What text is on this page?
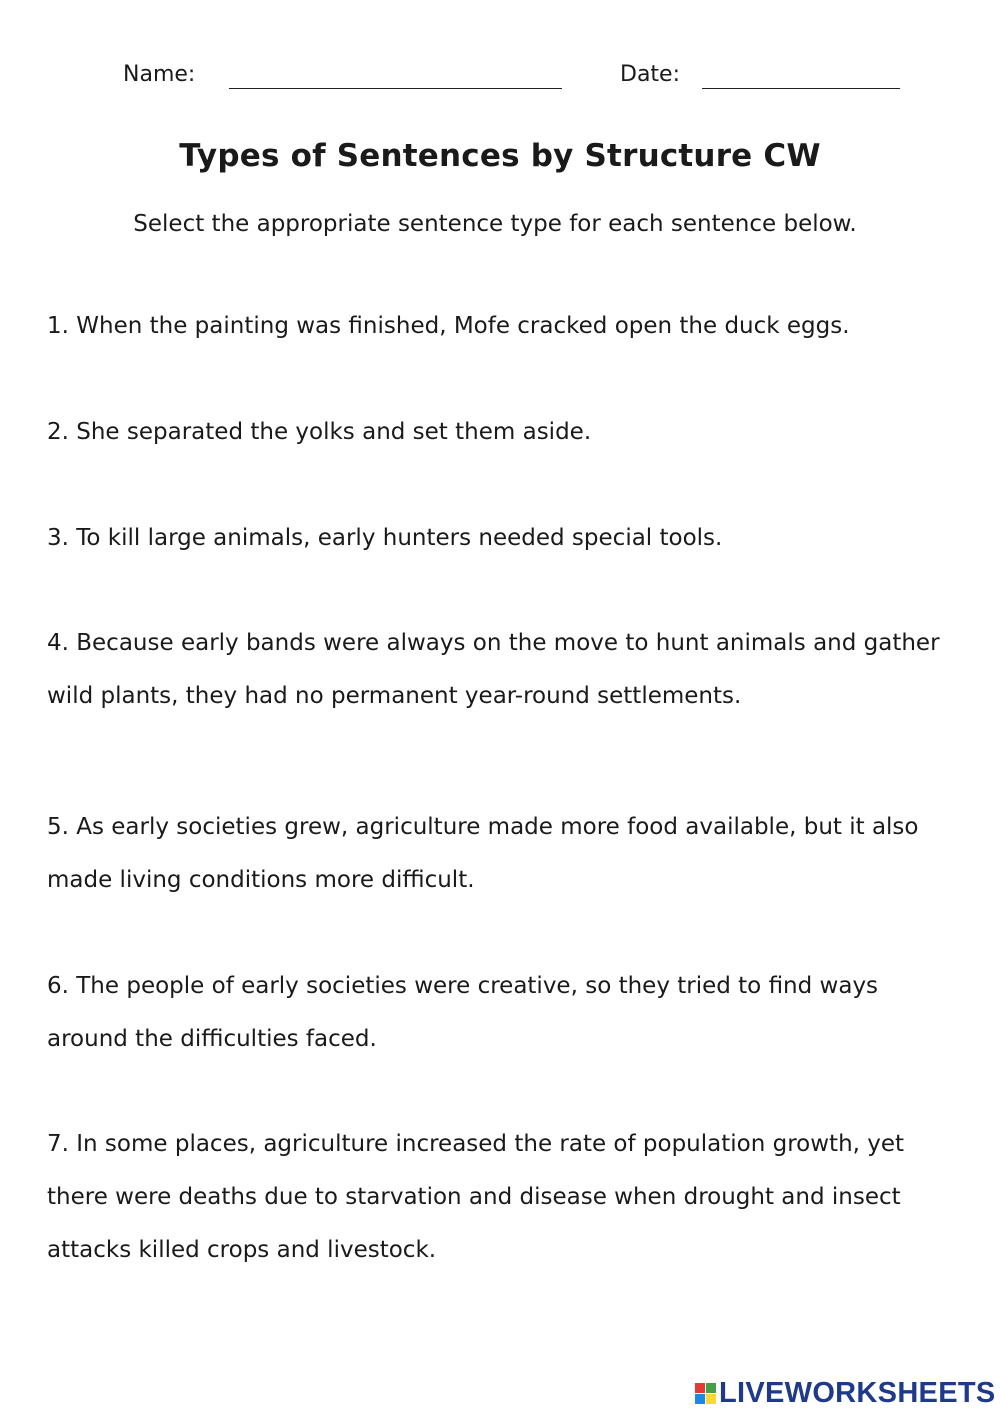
Name:	Date:
Types of Sentences by Structure CW
Select the appropriate sentence type for each sentence below.
1. When the painting was finished, Mofe cracked open the duck eggs.
2. She separated the yolks and set them aside.
3. To kill large animals, early hunters needed special tools.
4. Because early bands were always on the move to hunt animals and gather wild plants, they had no permanent year-round settlements.
5. As early societies grew, agriculture made more food available, but it also made living conditions more difficult.
6. The people of early societies were creative, so they tried to find ways around the difficulties faced.
7. In some places, agriculture increased the rate of population growth, yet there were deaths due to starvation and disease when drought and insect attacks killed crops and livestock.
LIVEWORKSHEETS
